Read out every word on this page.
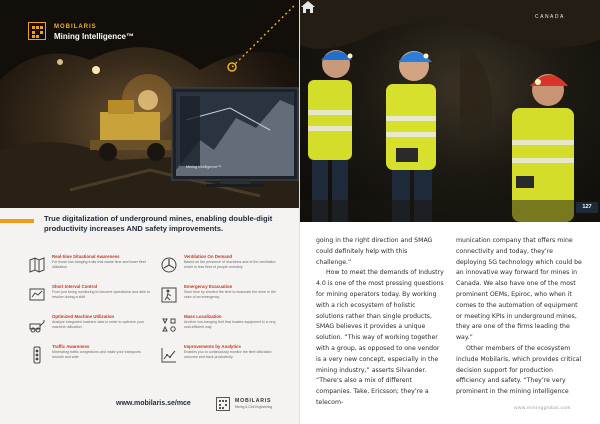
Mining Intelligence™
MOBILARIS
Mining Intelligence™
True digitalization of underground mines, enabling double-digit productivity increases AND safety improvements.
Real-time Situational Awareness
For those low-hanging fruits that waste time and lower fleet utilization
Ventilation On Demand
Based on the presence of machines and of the ventilation which is less fleet of people remotely
Short Interval Control
From just being monitoring to become operational and able to resolve during a shift
Emergency Evacuation
Save time by shorten the time to evacuate the mine in the case of an emergency
Optimized Machine Utilization
Analyze integrated machine data in order to optimize your machine utilization
Mass Localization
Another low-hanging fruit that locates equipment in a very cost-efficient way
Traffic Awareness
Minimizing traffic congestions and make your transports smooth and safe
Improvements by Analytics
Enables you to continuously monitor the fleet utilization outcome and track productivity
www.mobilaris.se/mce	MOBILARIS
Mining & Civil Engineering
CANADA
127

going in the right direction and SMAG could definitely help with this challenge.”

How to meet the demands of Industry 4.0 is one of the most pressing questions for mining operators today. By working with a rich ecosystem of holistic solutions rather than single products, SMAG believes it provides a unique solution. “This way of working together with a group, as opposed to one vendor is a very new concept, especially in the mining industry,” asserts Silvander. “There’s also a mix of different companies. Take, Ericsson; they’re a telecom-

munication company that offers mine connectivity and today, they’re deploying 5G technology which could be an innovative way forward for mines in Canada. We also have one of the most prominent OEMs, Epiroc, who when it comes to the automation of equipment or meeting KPIs in underground mines, they are one of the firms leading the way.”

Other members of the ecosystem include Mobilaris, which provides critical decision support for production efficiency and safety. “They’re very prominent in the mining intelligence

www.miningglobal.com
